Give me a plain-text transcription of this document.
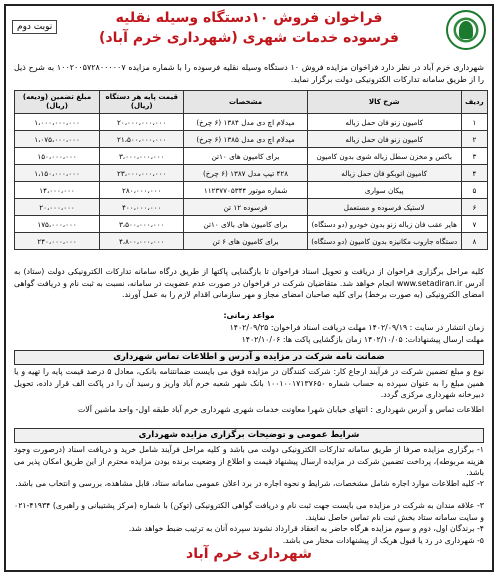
فراخوان فروش ۱۰دستگاه وسیله نقلیه
فرسوده خدمات شهری (شهرداری خرم آباد)
نوبت دوم
شهرداری خرم آباد در نظر دارد فراخوان مزایده فروش ۱۰ دستگاه وسیله نقلیه فرسوده را با شماره مزایده ۱۰۰۲۰۰۵۷۲۸۰۰۰۰۰۷ به شرح ذیل را از طریق سامانه تدارکات الکترونیکی دولت برگزار نماید.
ردیف	شرح کالا	مشخصات	قیمت پایه هر دستگاه (ریال)	مبلغ تضمین (ودیعه)(ریال)
۱	کامیون زنو فان حمل زباله	میدلام اچ دی مدل ۱۳۸۴ (۶ چرخ)	۲۰،۰۰۰،۰۰۰،۰۰۰	۱،۰۰۰،۰۰۰،۰۰۰
۲	کامیون زنو فان حمل زباله	میدلام اچ دی مدل ۱۳۸۵ (۶ چرخ)	۲۱،۵۰۰،۰۰۰،۰۰۰	۱،۰۷۵،۰۰۰،۰۰۰
۳	باکس و مخزن سطل زباله شوی بدون کامیون	برای کامیون های ۱۰تن	۳،۰۰۰،۰۰۰،۰۰۰	۱۵۰،۰۰۰،۰۰۰
۴	کامیون اتوبکو فان حمل زباله	۴۲۸ تیپ مدل ۱۳۸۷ (۶ چرخ)	۲۳،۰۰۰،۰۰۰،۰۰۰	۱،۱۵۰،۰۰۰،۰۰۰
۵	پیکان سواری	شماره موتور ۱۱۲۳۷۷۰۵۳۴۴	۲۸۰،۰۰۰،۰۰۰	۱۴،۰۰۰،۰۰۰
۶	لاستیک فرسوده و مستعمل	فرسوده ۱۲ تن	۴۰۰،۰۰۰،۰۰۰	۲۰،۰۰۰،۰۰۰
۷	هایر عقب فان زباله زنو بدون خودرو (دو دستگاه)	برای کامیون های بالای ۱۰تن	۳،۵۰۰،۰۰۰،۰۰۰	۱۷۵،۰۰۰،۰۰۰
۸	دستگاه جاروب مکانیزه بدون کامیون (دو دستگاه)	برای کامیون های ۶ تن	۴،۸۰۰،۰۰۰،۰۰۰	۲۴۰،۰۰۰،۰۰۰
کلیه مراحل برگزاری فراخوان از دریافت و تحویل اسناد فراخوان تا بازگشایی پاکتها از طریق درگاه سامانه تدارکات الکترونیکی دولت (ستاد) به آدرس www.setadiran.ir انجام خواهد شد. متقاضیان شرکت در فراخوان در صورت عدم عضویت در سامانه، نسبت به ثبت نام و دریافت گواهی امضای الکترونیکی (به صورت برخط) برای کلیه صاحبان امضای مجاز و مهر سازمانی اقدام لازم را به عمل آورند.
مواعد زمانی:
زمان انتشار در سایت : ۱۴۰۲/۰۹/۱۹ مهلت دریافت اسناد فراخوان: ۱۴۰۲/۰۹/۲۵
مهلت ارسال پیشنهادات: ۱۴۰۲/۱۰/۰۵ زمان بازگشایی پاکت ها: ۱۴۰۲/۱۰/۰۶
ضمانت نامه شرکت در مزایده و آدرس و اطلاعات تماس شهرداری
نوع و مبلغ تضمین شرکت در فرآیند ارجاع کار: شرکت کنندگان در مزایده فوق می بایست ضمانتنامه بانکی، معادل ۵ درصد قیمت پایه را تهیه و یا همین مبلغ را به عنوان سپرده به حساب شماره ۱۰۰۱۰۰۱۷۱۳۷۶۵۰ بانک شهر شعبه خرم آباد واریز و رسید آن را در پاکت الف قرار داده، تحویل دبیرخانه شهرداری مرکزی گردد.
اطلاعات تماس و آدرس شهرداری : انتهای خیابان شهرا معاونت خدمات شهری شهرداری خرم آباد طبقه اول- واحد ماشین آلات
شرایط عمومی و توضیحات برگزاری مزایده شهرداری
۱- برگزاری مزایده صرفا از طریق سامانه تدارکات الکترونیکی دولت می باشد و کلیه مراحل فرآیند شامل خرید و دریافت اسناد (درصورت وجود هزینه مربوطه)، پرداخت تضمین شرکت در مزایده ارسال پیشنهاد قیمت و اطلاع از وضعیت برنده بودن مزایده محترم از این طریق امکان پذیر می باشد.
۲- کلیه اطلاعات موارد اجاره شامل مشخصات، شرایط و نحوه اجاره در برد اعلان عمومی سامانه ستاد، قابل مشاهده، بررسی و انتخاب می باشد.
۳- علاقه مندان به شرکت در مزایده می بایست جهت ثبت نام و دریافت گواهی الکترونیکی (توکن) با شماره (مرکز پشتیبانی و راهبری) ۴۱۹۳۴-۰۲۱ و سایت سامانه ستاد بخش ثبت نام تماس حاصل نمایند.
۴- برندگان اول، دوم و سوم مزایده هرگاه حاضر به انعقاد قرارداد نشوند سپرده آنان به ترتیب ضبط خواهد شد.
۵- شهرداری در رد یا قبول هریک از پیشنهادات مختار می باشد.
شهرداری خرم آباد
